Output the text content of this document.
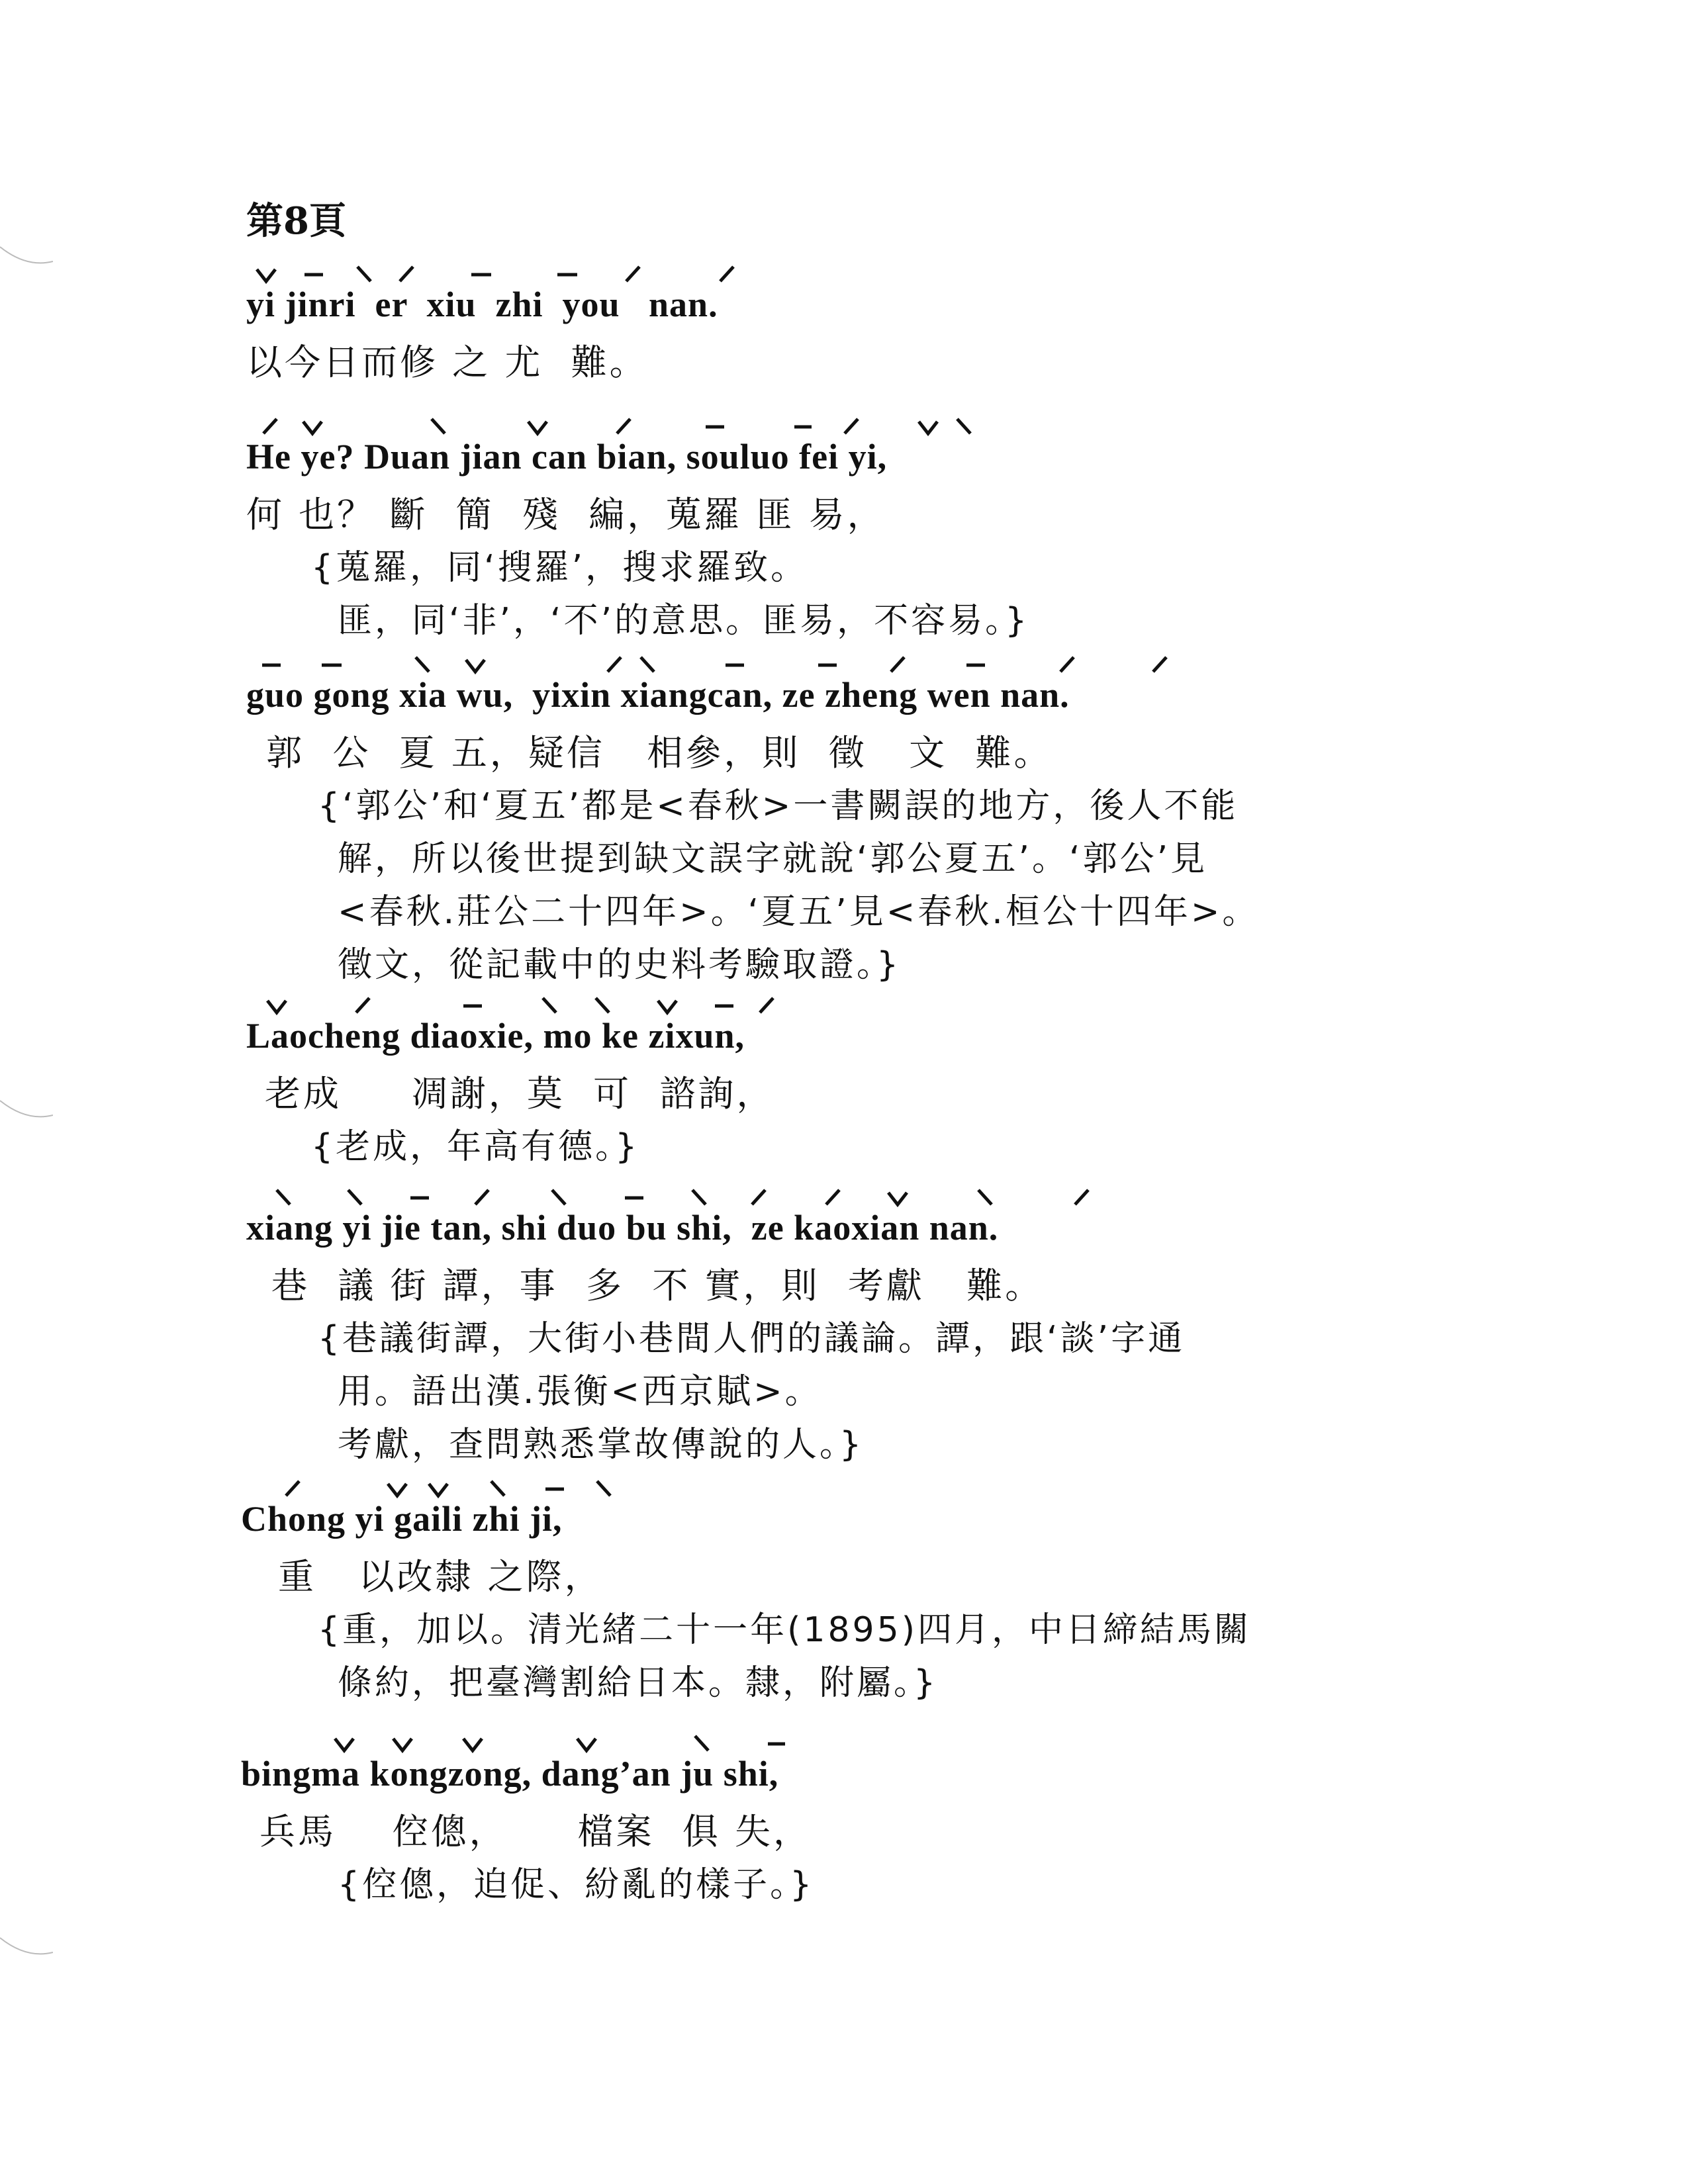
第8頁
yi jinri  er  xiu  zhi  you   nan.
以今日而修 之 尤  難。
He ye? Duan jian can bian, souluo fei yi,
何 也？ 斷  簡  殘  編，蒐羅 匪 易，
{蒐羅，同‘搜羅’，搜求羅致。
匪，同‘非’，‘不’的意思。匪易，不容易。}
guo gong xia wu,  yixin xiangcan, ze zheng wen nan.
郭  公  夏 五，疑信   相參，則  徵   文  難。
{‘郭公’和‘夏五’都是<春秋>一書闕誤的地方，後人不能
解，所以後世提到缺文誤字就說‘郭公夏五’。‘郭公’見
<春秋.莊公二十四年>。‘夏五’見<春秋.桓公十四年>。
徵文，從記載中的史料考驗取證。}
Laocheng diaoxie, mo ke zixun,
老成     凋謝，莫  可  諮詢，
{老成，年高有德。}
xiang yi jie tan, shi duo bu shi,  ze kaoxian nan.
巷  議 街 譚，事  多  不 實，則  考獻   難。
{巷議街譚，大街小巷間人們的議論。譚，跟‘談’字通
用。語出漢.張衡<西京賦>。
考獻，查問熟悉掌故傳說的人。}
Chong yi gaili zhi ji,
重   以改隸 之際，
{重，加以。清光緒二十一年(1895)四月，中日締結馬關
條約，把臺灣割給日本。隸，附屬。}
bingma kongzong, dang’an ju shi,
兵馬    倥傯，     檔案  俱 失，
{倥傯，迫促、紛亂的樣子。}
